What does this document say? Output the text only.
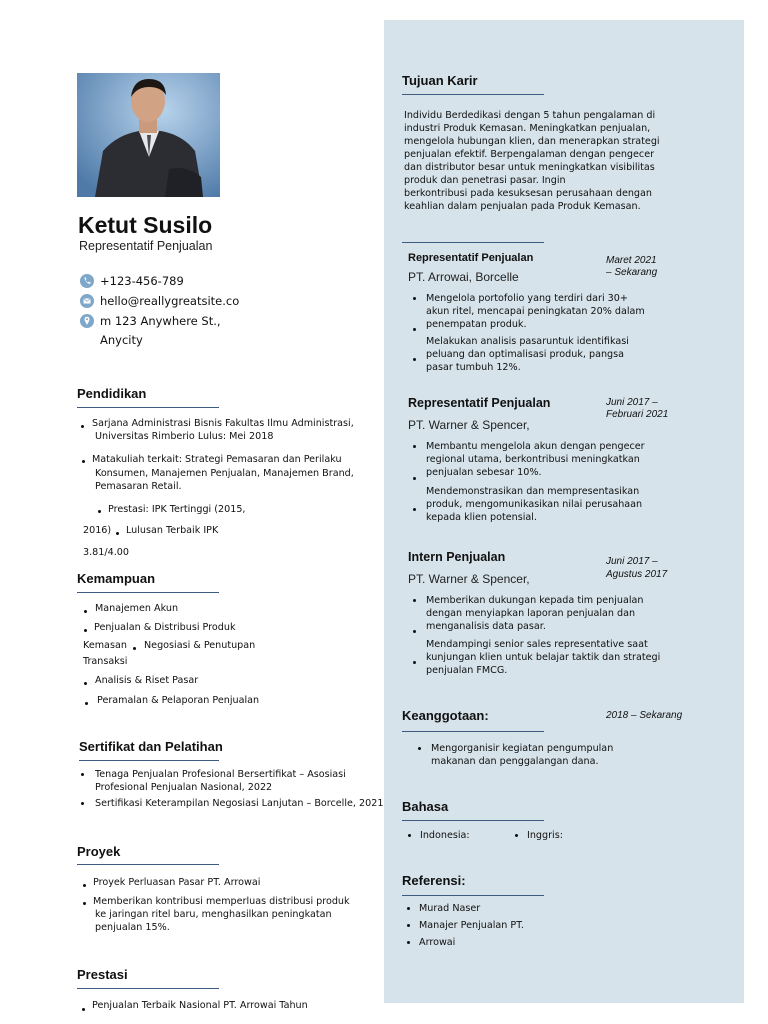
Ketut Susilo
Representatif Penjualan
+123-456-789
hello@reallygreatsite.co
m 123 Anywhere St.,
Anycity
Pendidikan
Sarjana Administrasi Bisnis Fakultas Ilmu Administrasi,
Universitas Rimberio Lulus: Mei 2018
Matakuliah terkait: Strategi Pemasaran dan Perilaku
Konsumen, Manajemen Penjualan, Manajemen Brand,
Pemasaran Retail.
Prestasi: IPK Tertinggi (2015,
2016) Lulusan Terbaik IPK
3.81/4.00
Kemampuan
Manajemen Akun
Penjualan & Distribusi Produk
Kemasan Negosiasi & Penutupan
Transaksi
Analisis & Riset Pasar
Peramalan & Pelaporan Penjualan
Sertifikat dan Pelatihan
Tenaga Penjualan Profesional Bersertifikat – Asosiasi
Profesional Penjualan Nasional, 2022
Sertifikasi Keterampilan Negosiasi Lanjutan – Borcelle, 2021
Proyek
Proyek Perluasan Pasar PT. Arrowai
Memberikan kontribusi memperluas distribusi produk
ke jaringan ritel baru, menghasilkan peningkatan
penjualan 15%.
Prestasi
Penjualan Terbaik Nasional PT. Arrowai Tahun
Tujuan Karir
Individu Berdedikasi dengan 5 tahun pengalaman di
industri Produk Kemasan. Meningkatkan penjualan,
mengelola hubungan klien, dan menerapkan strategi
penjualan efektif. Berpengalaman dengan pengecer
dan distributor besar untuk meningkatkan visibilitas
produk dan penetrasi pasar. Ingin
berkontribusi pada kesuksesan perusahaan dengan
keahlian dalam penjualan pada Produk Kemasan.
Representatif Penjualan
PT. Arrowai, Borcelle
Maret 2021
– Sekarang
Mengelola portofolio yang terdiri dari 30+
akun ritel, mencapai peningkatan 20% dalam
penempatan produk.
Melakukan analisis pasaruntuk identifikasi
peluang dan optimalisasi produk, pangsa
pasar tumbuh 12%.
Representatif Penjualan
PT. Warner & Spencer,
Juni 2017 –
Februari 2021
Membantu mengelola akun dengan pengecer
regional utama, berkontribusi meningkatkan
penjualan sebesar 10%.
Mendemonstrasikan dan mempresentasikan
produk, mengomunikasikan nilai perusahaan
kepada klien potensial.
Intern Penjualan
PT. Warner & Spencer,
Juni 2017 –
Agustus 2017
Memberikan dukungan kepada tim penjualan
dengan menyiapkan laporan penjualan dan
menganalisis data pasar.
Mendampingi senior sales representative saat
kunjungan klien untuk belajar taktik dan strategi
penjualan FMCG.
Keanggotaan:	2018 – Sekarang
Mengorganisir kegiatan pengumpulan
makanan dan penggalangan dana.
Bahasa
Indonesia:	Inggris:
Referensi:
Murad Naser
Manajer Penjualan PT.
Arrowai
